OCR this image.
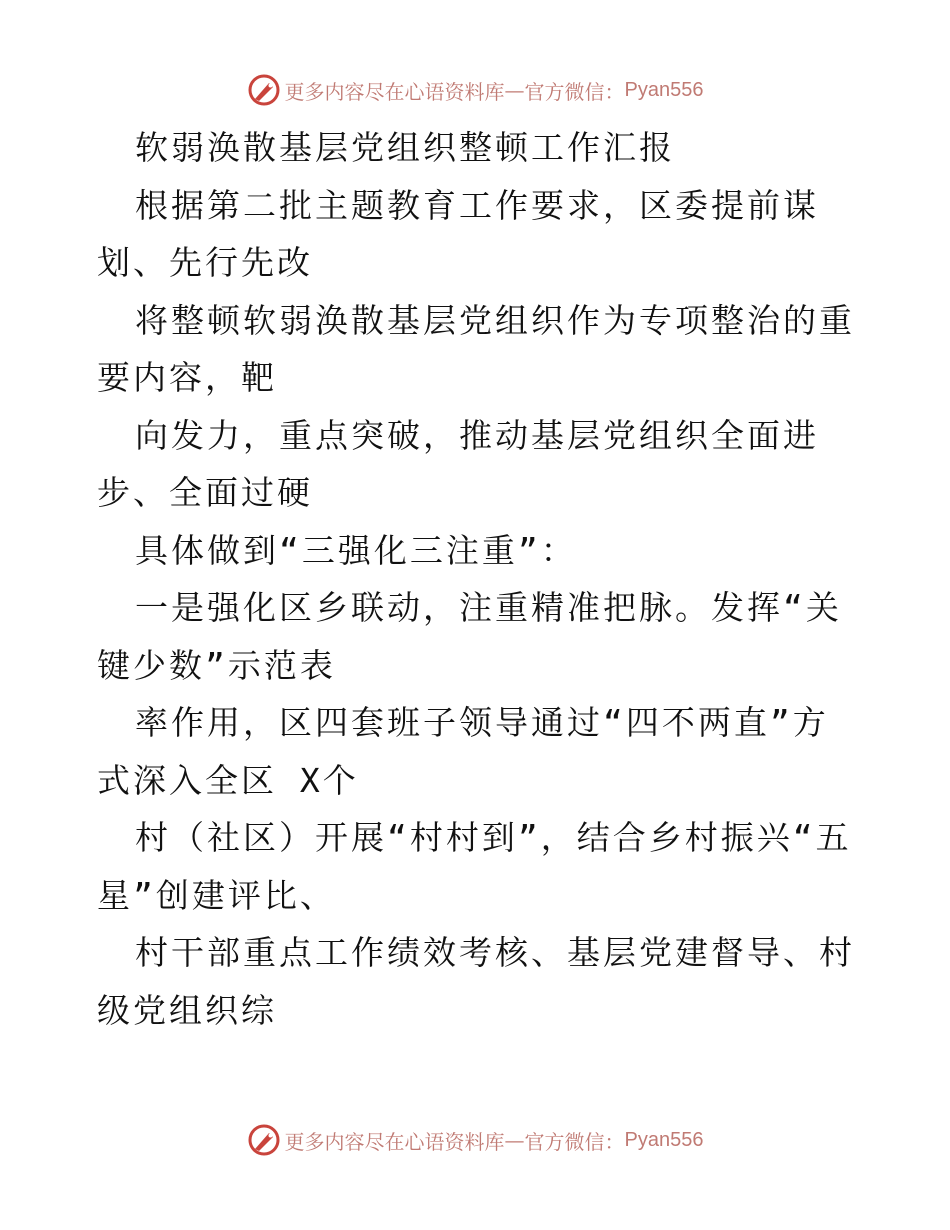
更多内容尽在心语资料库 — 官方微信： Pyan556

软弱涣散基层党组织整顿工作汇报

根据第二批主题教育工作要求，区委提前谋划、先行先改

将整顿软弱涣散基层党组织作为专项整治的重要内容，靶

向发力，重点突破，推动基层党组织全面进步、全面过硬

具体做到“三强化三注重”：

一是强化区乡联动，注重精准把脉。发挥“关键少数”示范表

率作用，区四套班子领导通过“四不两直”方式深入全区 X个

村（社区）开展“村村到”，结合乡村振兴“五星”创建评比、

村干部重点工作绩效考核、基层党建督导、村级党组织综

更多内容尽在心语资料库 — 官方微信： Pyan556
